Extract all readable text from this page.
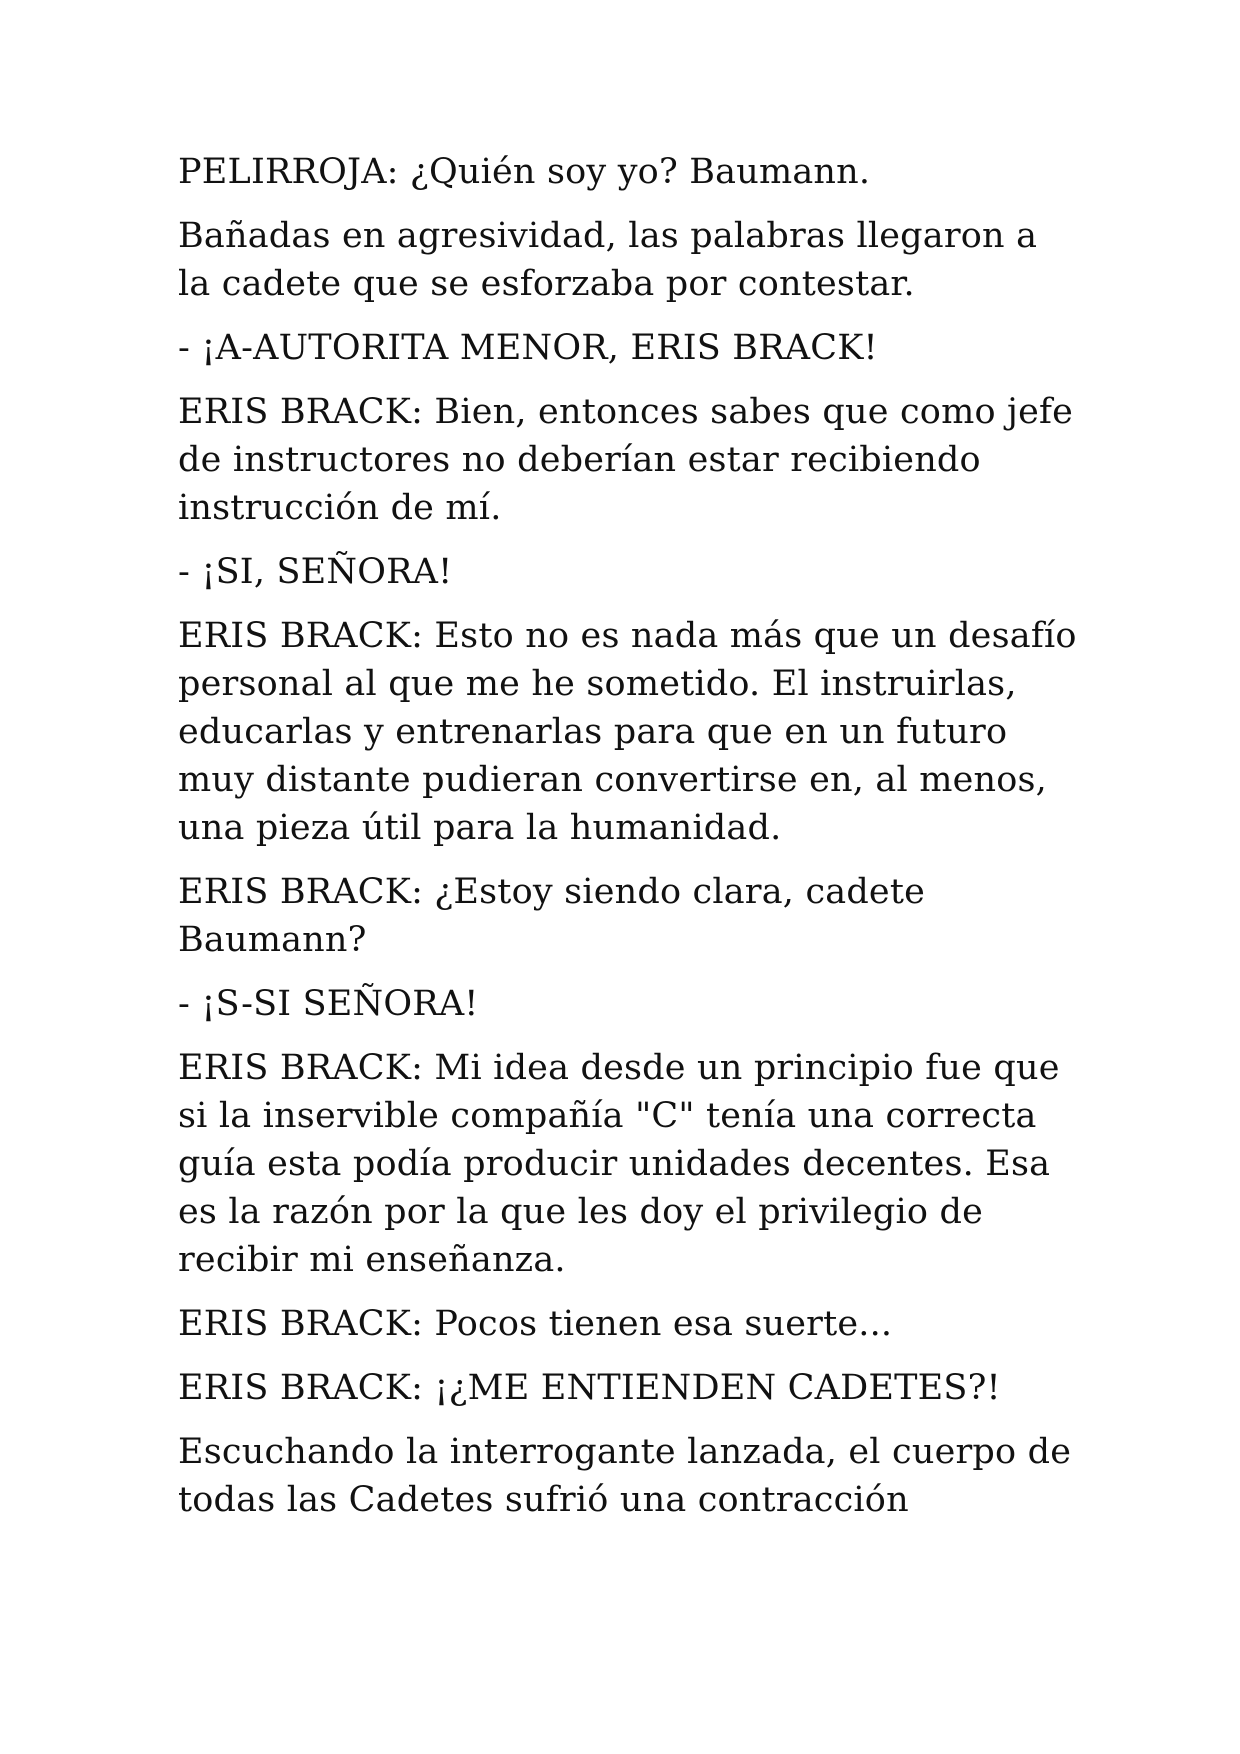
PELIRROJA: ¿Quién soy yo? Baumann.

Bañadas en agresividad, las palabras llegaron a la cadete que se esforzaba por contestar.

- ¡A-AUTORITA MENOR, ERIS BRACK!

ERIS BRACK: Bien, entonces sabes que como jefe de instructores no deberían estar recibiendo instrucción de mí.

- ¡SI, SEÑORA!

ERIS BRACK: Esto no es nada más que un desafío personal al que me he sometido. El instruirlas, educarlas y entrenarlas para que en un futuro muy distante pudieran convertirse en, al menos, una pieza útil para la humanidad.

ERIS BRACK: ¿Estoy siendo clara, cadete Baumann?

- ¡S-SI SEÑORA!

ERIS BRACK: Mi idea desde un principio fue que si la inservible compañía "C" tenía una correcta guía esta podía producir unidades decentes. Esa es la razón por la que les doy el privilegio de recibir mi enseñanza.

ERIS BRACK: Pocos tienen esa suerte...

ERIS BRACK: ¡¿ME ENTIENDEN CADETES?!

Escuchando la interrogante lanzada, el cuerpo de todas las Cadetes sufrió una contracción
